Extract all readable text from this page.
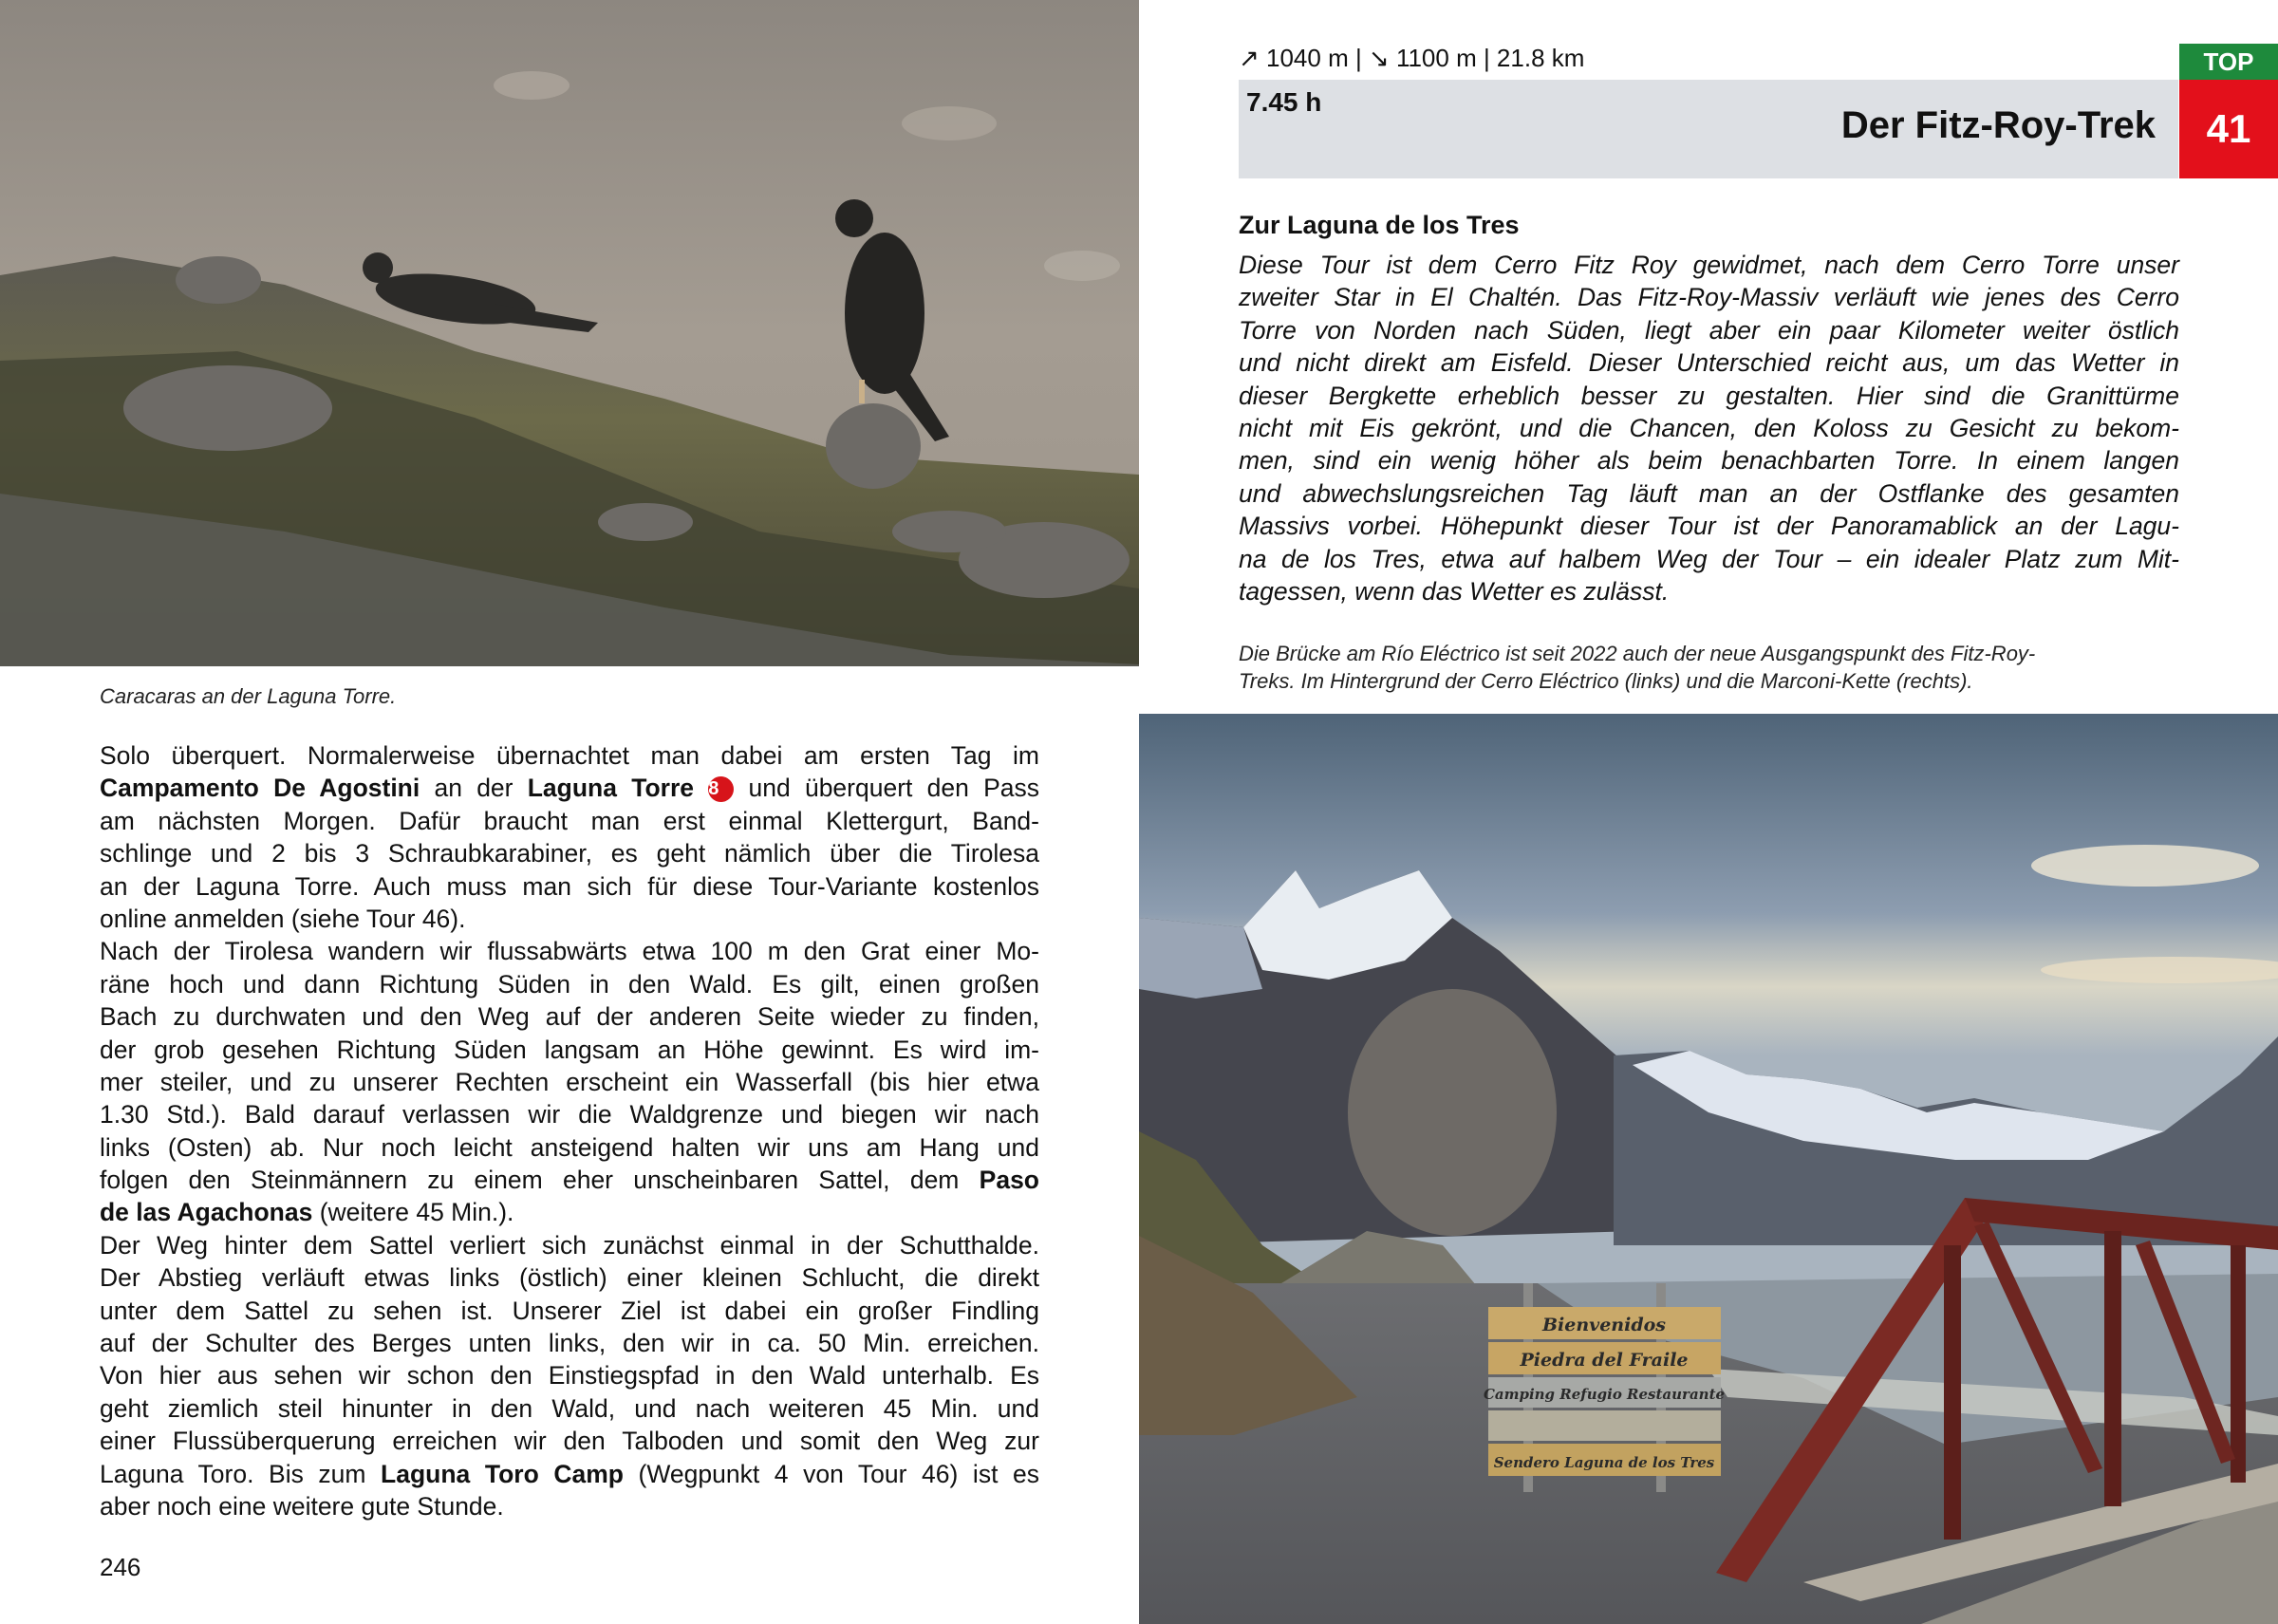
Caracaras an der Laguna Torre.
Solo überquert. Normalerweise übernachtet man dabei am ersten Tag im
Campamento De Agostini an der Laguna Torre 8 und überquert den Pass
am nächsten Morgen. Dafür braucht man erst einmal Klettergurt, Band-
schlinge und 2 bis 3 Schraubkarabiner, es geht nämlich über die Tirolesa
an der Laguna Torre. Auch muss man sich für diese Tour-Variante kostenlos
online anmelden (siehe Tour 46).
Nach der Tirolesa wandern wir flussabwärts etwa 100 m den Grat einer Mo-
räne hoch und dann Richtung Süden in den Wald. Es gilt, einen großen
Bach zu durchwaten und den Weg auf der anderen Seite wieder zu finden,
der grob gesehen Richtung Süden langsam an Höhe gewinnt. Es wird im-
mer steiler, und zu unserer Rechten erscheint ein Wasserfall (bis hier etwa
1.30 Std.). Bald darauf verlassen wir die Waldgrenze und biegen wir nach
links (Osten) ab. Nur noch leicht ansteigend halten wir uns am Hang und
folgen den Steinmännern zu einem eher unscheinbaren Sattel, dem Paso
de las Agachonas (weitere 45 Min.).
Der Weg hinter dem Sattel verliert sich zunächst einmal in der Schutthalde.
Der Abstieg verläuft etwas links (östlich) einer kleinen Schlucht, die direkt
unter dem Sattel zu sehen ist. Unserer Ziel ist dabei ein großer Findling
auf der Schulter des Berges unten links, den wir in ca. 50 Min. erreichen.
Von hier aus sehen wir schon den Einstiegspfad in den Wald unterhalb. Es
geht ziemlich steil hinunter in den Wald, und nach weiteren 45 Min. und
einer Flussüberquerung erreichen wir den Talboden und somit den Weg zur
Laguna Toro. Bis zum Laguna Toro Camp (Wegpunkt 4 von Tour 46) ist es
aber noch eine weitere gute Stunde.
246
↗ 1040 m | ↘ 1100 m | 21.8 km
7.45 h
Der Fitz-Roy-Trek
TOP
41
Zur Laguna de los Tres
Diese Tour ist dem Cerro Fitz Roy gewidmet, nach dem Cerro Torre unser
zweiter Star in El Chaltén. Das Fitz-Roy-Massiv verläuft wie jenes des Cerro
Torre von Norden nach Süden, liegt aber ein paar Kilometer weiter östlich
und nicht direkt am Eisfeld. Dieser Unterschied reicht aus, um das Wetter in
dieser Bergkette erheblich besser zu gestalten. Hier sind die Granittürme
nicht mit Eis gekrönt, und die Chancen, den Koloss zu Gesicht zu bekom-
men, sind ein wenig höher als beim benachbarten Torre. In einem langen
und abwechslungsreichen Tag läuft man an der Ostflanke des gesamten
Massivs vorbei. Höhepunkt dieser Tour ist der Panoramablick an der Lagu-
na de los Tres, etwa auf halbem Weg der Tour – ein idealer Platz zum Mit-
tagessen, wenn das Wetter es zulässt.
Die Brücke am Río Eléctrico ist seit 2022 auch der neue Ausgangspunkt des Fitz-Roy-
Treks. Im Hintergrund der Cerro Eléctrico (links) und die Marconi-Kette (rechts).
Bienvenidos
Piedra del Fraile
Camping Refugio Restaurante
Sendero Laguna de los Tres
